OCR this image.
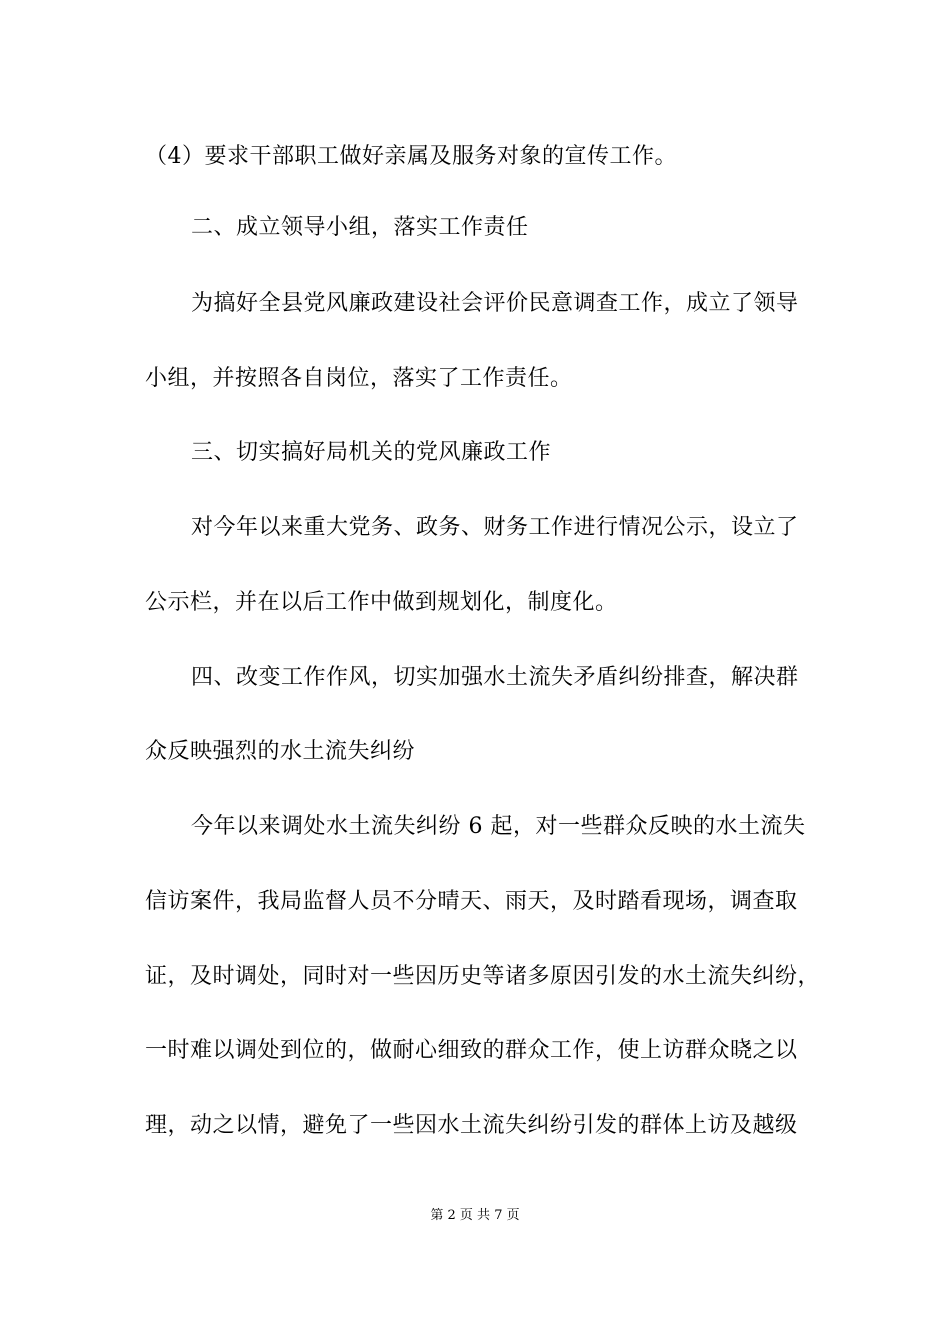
（4）要求干部职工做好亲属及服务对象的宣传工作。
二、成立领导小组，落实工作责任
为搞好全县党风廉政建设社会评价民意调查工作，成立了领导
小组，并按照各自岗位，落实了工作责任。
三、切实搞好局机关的党风廉政工作
对今年以来重大党务、政务、财务工作进行情况公示，设立了
公示栏，并在以后工作中做到规划化，制度化。
四、改变工作作风，切实加强水土流失矛盾纠纷排查，解决群
众反映强烈的水土流失纠纷
今年以来调处水土流失纠纷 6 起，对一些群众反映的水土流失
信访案件，我局监督人员不分晴天、雨天，及时踏看现场，调查取
证，及时调处，同时对一些因历史等诸多原因引发的水土流失纠纷，
一时难以调处到位的，做耐心细致的群众工作，使上访群众晓之以
理，动之以情，避免了一些因水土流失纠纷引发的群体上访及越级
第 2 页 共 7 页
